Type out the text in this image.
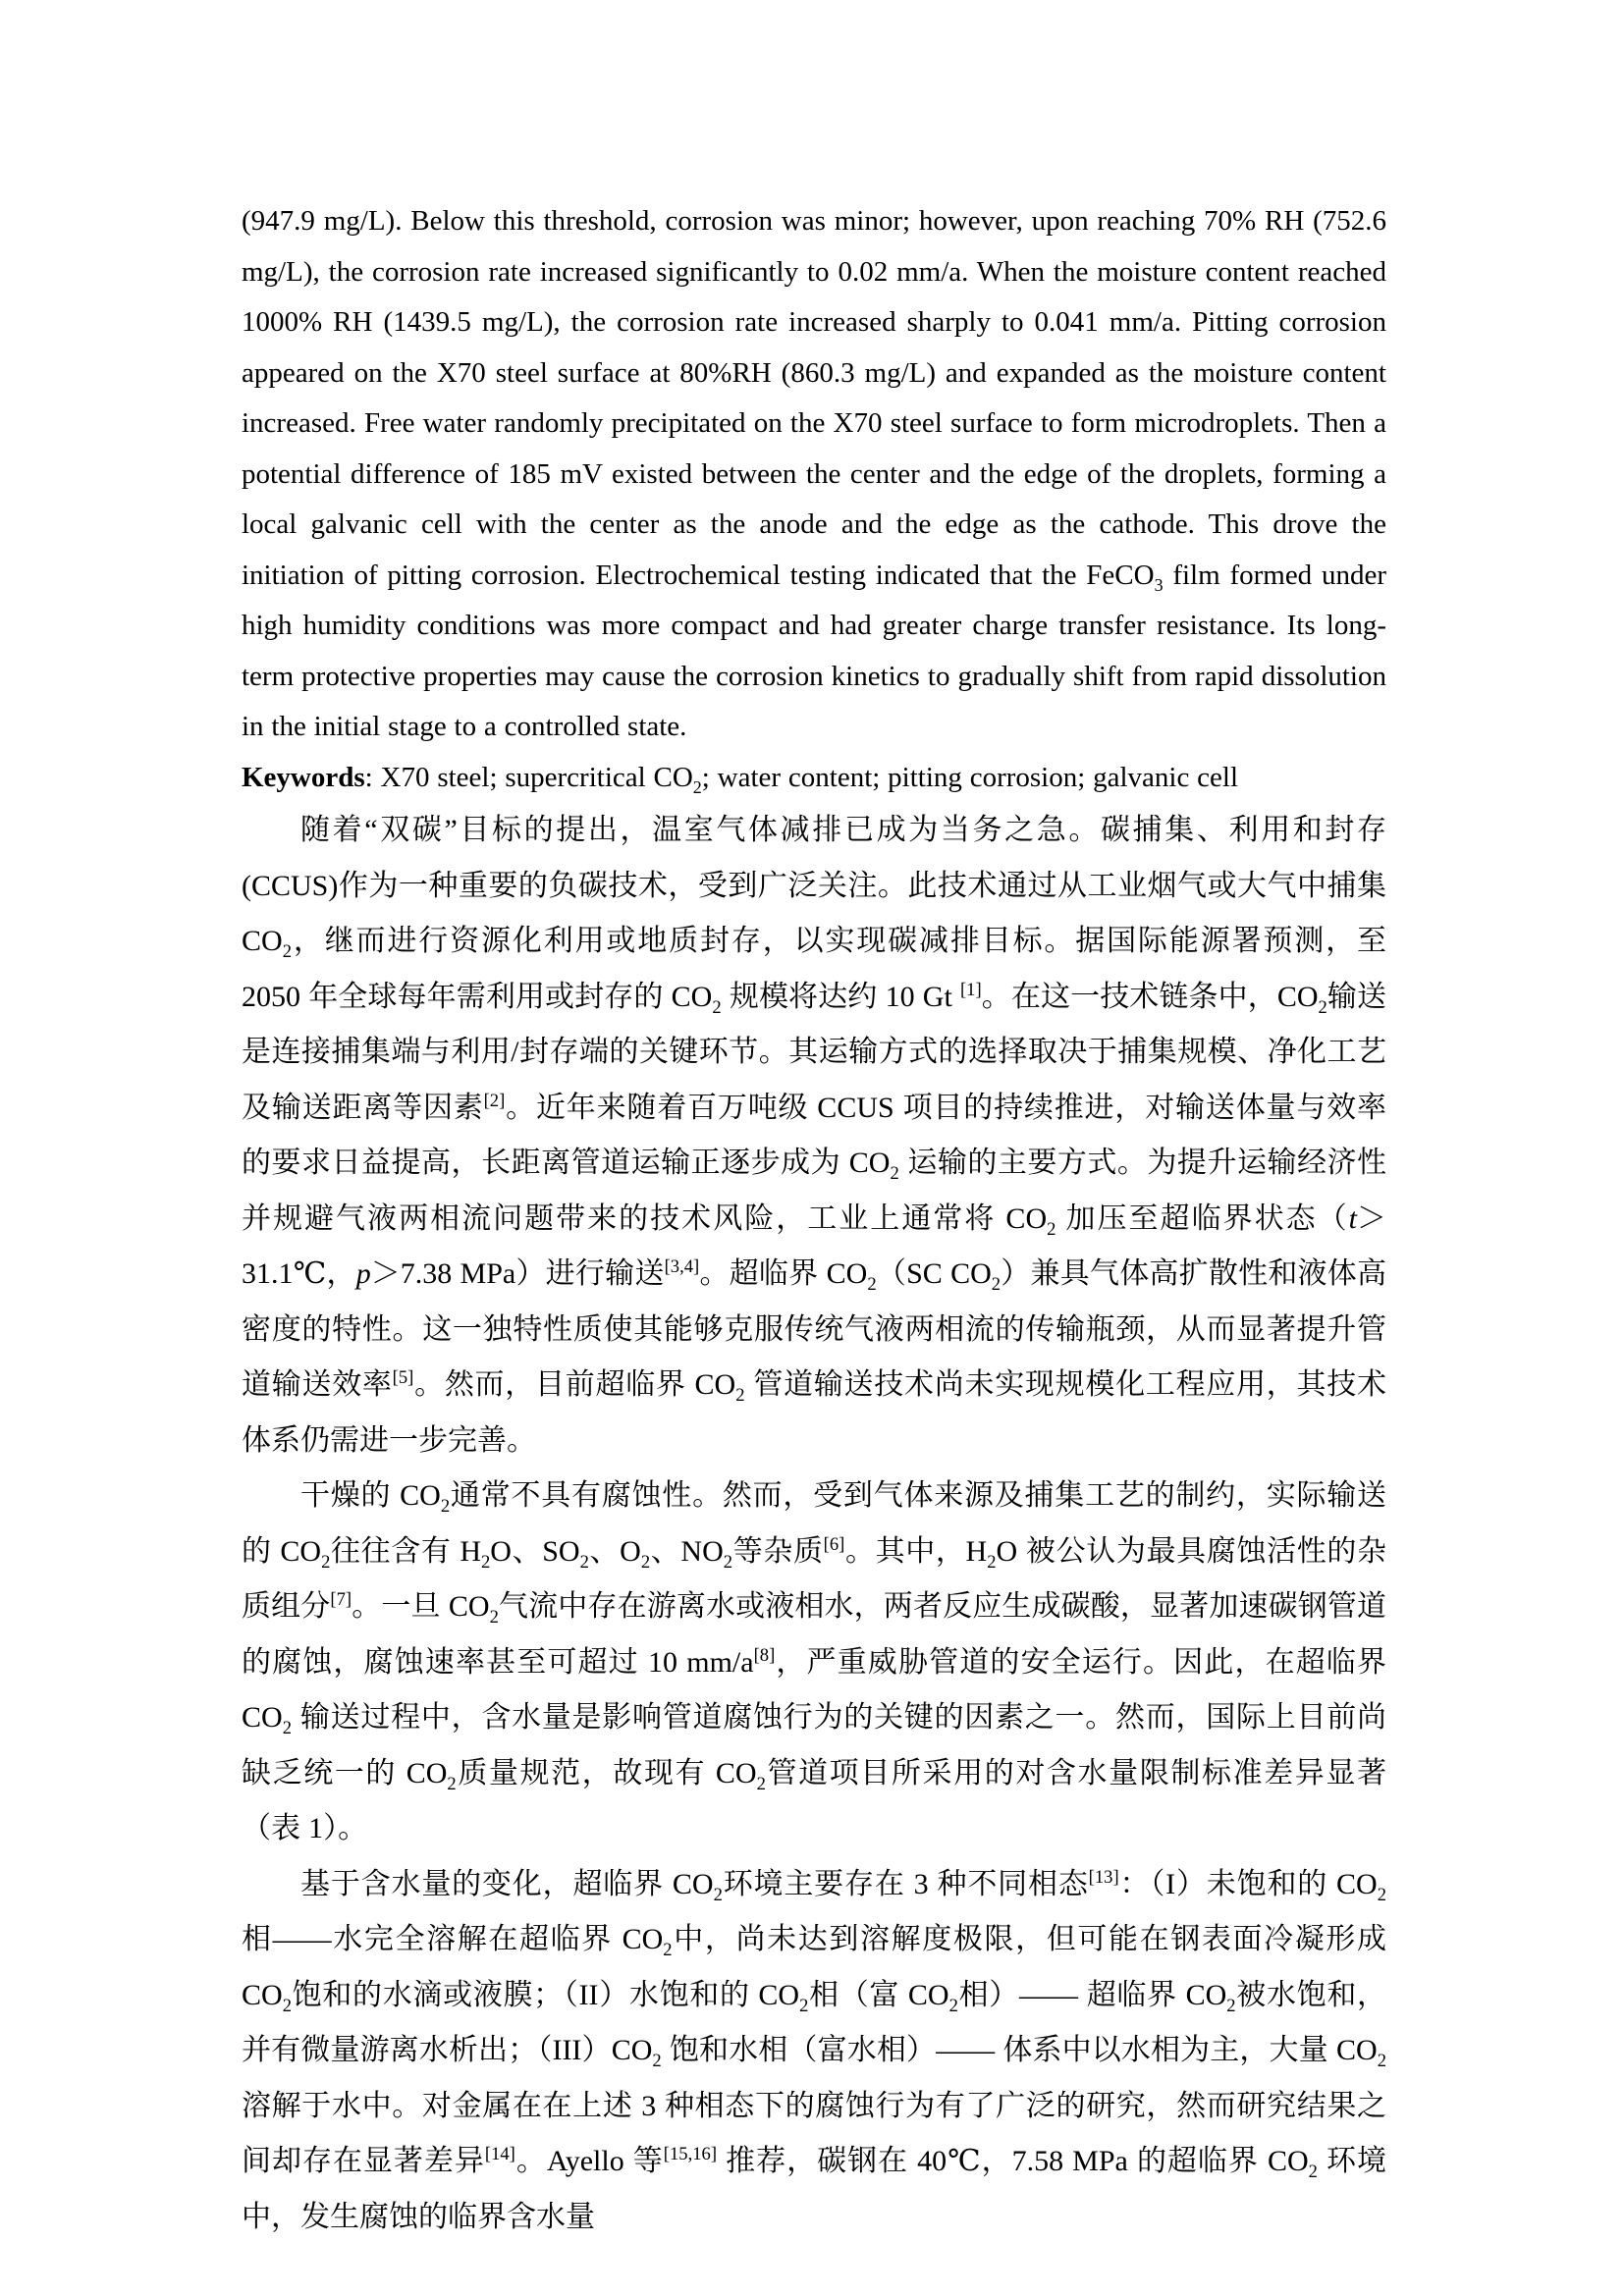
(947.9 mg/L). Below this threshold, corrosion was minor; however, upon reaching 70% RH (752.6 mg/L), the corrosion rate increased significantly to 0.02 mm/a. When the moisture content reached 1000% RH (1439.5 mg/L), the corrosion rate increased sharply to 0.041 mm/a. Pitting corrosion appeared on the X70 steel surface at 80%RH (860.3 mg/L) and expanded as the moisture content increased. Free water randomly precipitated on the X70 steel surface to form microdroplets. Then a potential difference of 185 mV existed between the center and the edge of the droplets, forming a local galvanic cell with the center as the anode and the edge as the cathode. This drove the initiation of pitting corrosion. Electrochemical testing indicated that the FeCO$_3$ film formed under high humidity conditions was more compact and had greater charge transfer resistance. Its long-term protective properties may cause the corrosion kinetics to gradually shift from rapid dissolution in the initial stage to a controlled state.

Keywords: X70 steel; supercritical $CO_2$; water content; pitting corrosion; galvanic cell

随着“双碳”目标的提出，温室气体减排已成为当务之急。碳捕集、利用和封存(CCUS)作为一种重要的负碳技术，受到广泛关注。此技术通过从工业烟气或大气中捕集 $CO_2$，继而进行资源化利用或地质封存，以实现碳减排目标。据国际能源署预测，至 2050 年全球每年需利用或封存的 $CO_2$ 规模将达约 10 Gt [1]。在这一技术链条中，$CO_2$输送是连接捕集端与利用/封存端的关键环节。其运输方式的选择取决于捕集规模、净化工艺及输送距离等因素[2]。近年来随着百万吨级 CCUS 项目的持续推进，对输送体量与效率的要求日益提高，长距离管道运输正逐步成为 $CO_2$ 运输的主要方式。为提升运输经济性并规避气液两相流问题带来的技术风险，工业上通常将 $CO_2$ 加压至超临界状态（t＞31.1℃，p＞7.38 MPa）进行输送[3,4]。超临界 $CO_2(SC$ $CO_2$）兼具气体高扩散性和液体高密度的特性。这一独特性质使其能够克服传统气液两相流的传输瓶颈，从而显著提升管道输送效率[5]。然而，目前超临界 $CO_2$ 管道输送技术尚未实现规模化工程应用，其技术体系仍需进一步完善。

干燥的 $CO_2$通常不具有腐蚀性。然而，受到气体来源及捕集工艺的制约，实际输送的 $CO_2$往往含有 $H_2O$、$SO_2$、$O_2$、$NO_2$等杂质[6]。其中，$H_2O$ 被公认为最具腐蚀活性的杂质组分[7]。一旦 $CO_2$气流中存在游离水或液相水，两者反应生成碳酸，显著加速碳钢管道的腐蚀，腐蚀速率甚至可超过 10 mm/a[8]，严重威胁管道的安全运行。因此，在超临界 $CO_2$ 输送过程中，含水量是影响管道腐蚀行为的关键的因素之一。然而，国际上目前尚缺乏统一的 $CO_2$质量规范，故现有 $CO_2$管道项目所采用的对含水量限制标准差异显著（表 1）。

基于含水量的变化，超临界 $CO_2$环境主要存在 3 种不同相态[13]：（I）未饱和的 $CO_2$ 相——水完全溶解在超临界 $CO_2$中，尚未达到溶解度极限，但可能在钢表面冷凝形成 $CO_2$饱和的水滴或液膜；（II）水饱和的 $CO_2$相（富 $CO_2$相）—— 超临界 $CO_2$被水饱和，并有微量游离水析出；$(III)CO_2$ 饱和水相（富水相）—— 体系中以水相为主，大量 $CO_2$溶解于水中。对金属在在上述 3 种相态下的腐蚀行为有了广泛的研究，然而研究结果之间却存在显著差异[14]。Ayello 等[15,16] 推荐，碳钢在 40℃，7.58 MPa 的超临界 $CO_2$ 环境中，发生腐蚀的临界含水量
